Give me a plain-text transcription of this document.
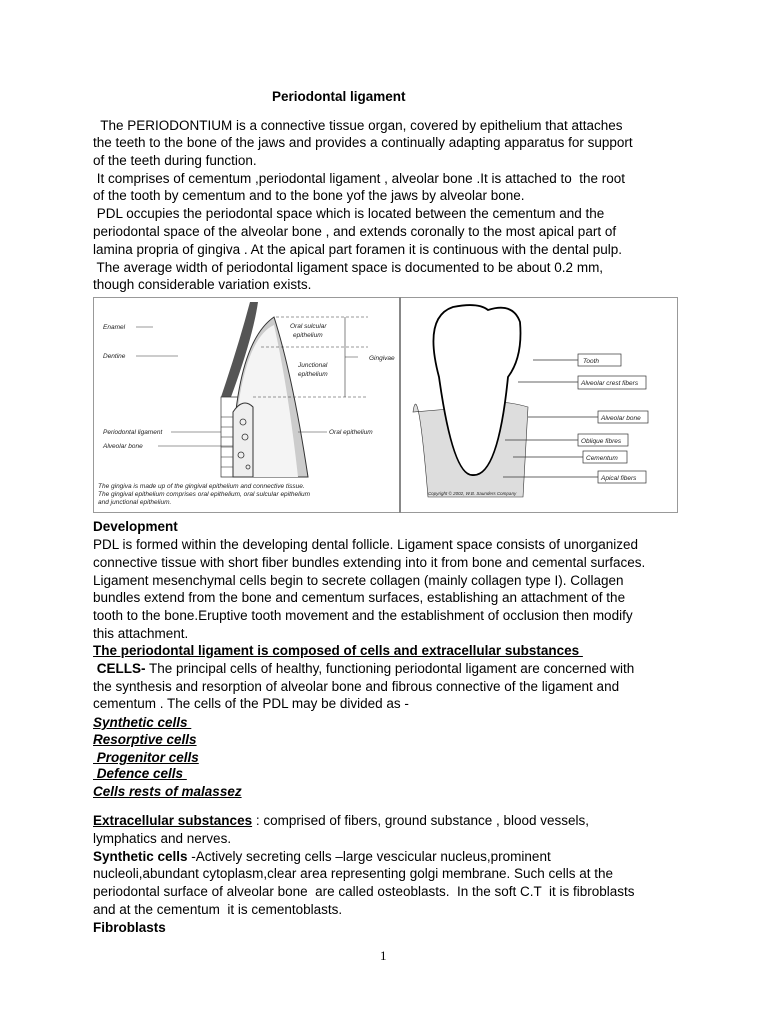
Periodontal ligament
The PERIODONTIUM is a connective tissue organ, covered by epithelium that attaches
the teeth to the bone of the jaws and provides a continually adapting apparatus for support
of the teeth during function.
It comprises of cementum ,periodontal ligament , alveolar bone .It is attached to  the root
of the tooth by cementum and to the bone yof the jaws by alveolar bone.
PDL occupies the periodontal space which is located between the cementum and the
periodontal space of the alveolar bone , and extends coronally to the most apical part of
lamina propria of gingiva . At the apical part foramen it is continuous with the dental pulp.
The average width of periodontal ligament space is documented to be about 0.2 mm,
though considerable variation exists.
Enamel
Dentine
Periodontal ligament
Alveolar bone
Oral sulcular
epithelium
Junctional
epithelium
Gingivae
Oral epithelium
The gingiva is made up of the gingival epithelium and connective tissue.
The gingival epithelium comprises oral epithelium, oral sulcular epithelium
and junctional epithelium.
Tooth
Alveolar crest fibers
Alveolar bone
Oblique fibres
Cementum
Apical fibers
Copyright © 2002, W.B. Saunders Company
Development
PDL is formed within the developing dental follicle. Ligament space consists of unorganized
connective tissue with short fiber bundles extending into it from bone and cemental surfaces.
Ligament mesenchymal cells begin to secrete collagen (mainly collagen type I). Collagen
bundles extend from the bone and cementum surfaces, establishing an attachment of the
tooth to the bone.Eruptive tooth movement and the establishment of occlusion then modify
this attachment.
The periodontal ligament is composed of cells and extracellular substances
CELLS- The principal cells of healthy, functioning periodontal ligament are concerned with
the synthesis and resorption of alveolar bone and fibrous connective of the ligament and
cementum . The cells of the PDL may be divided as -
Synthetic cells
Resorptive cells
Progenitor cells
Defence cells
Cells rests of malassez
Extracellular substances : comprised of fibers, ground substance , blood vessels,
lymphatics and nerves.
Synthetic cells -Actively secreting cells –large vescicular nucleus,prominent
nucleoli,abundant cytoplasm,clear area representing golgi membrane. Such cells at the
periodontal surface of alveolar bone  are called osteoblasts.  In the soft C.T  it is fibroblasts
and at the cementum  it is cementoblasts.
Fibroblasts
1
